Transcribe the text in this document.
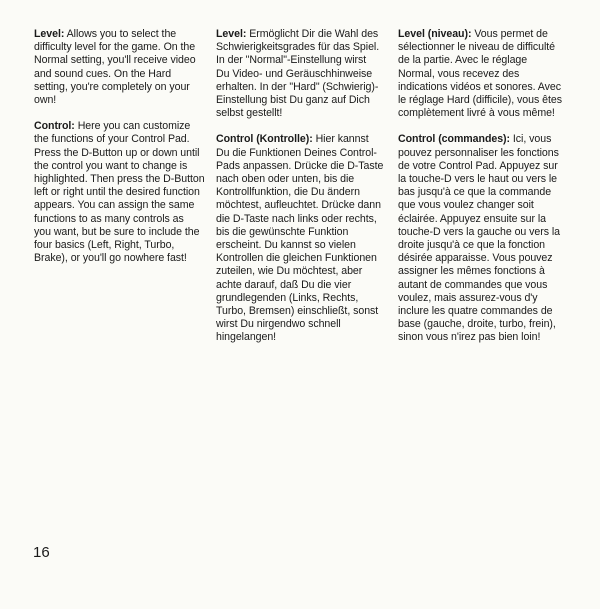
Level: Allows you to select the
difficulty level for the game. On the
Normal setting, you'll receive video
and sound cues. On the Hard
setting, you're completely on your
own!
Control: Here you can customize
the functions of your Control Pad.
Press the D-Button up or down until
the control you want to change is
highlighted. Then press the D-Button
left or right until the desired function
appears. You can assign the same
functions to as many controls as
you want, but be sure to include the
four basics (Left, Right, Turbo,
Brake), or you'll go nowhere fast!
Level: Ermöglicht Dir die Wahl des
Schwierigkeitsgrades für das Spiel.
In der "Normal"-Einstellung wirst
Du Video- und Geräuschhinweise
erhalten. In der "Hard" (Schwierig)-
Einstellung bist Du ganz auf Dich
selbst gestellt!
Control (Kontrolle): Hier kannst
Du die Funktionen Deines Control-
Pads anpassen. Drücke die D-Taste
nach oben oder unten, bis die
Kontrollfunktion, die Du ändern
möchtest, aufleuchtet. Drücke dann
die D-Taste nach links oder rechts,
bis die gewünschte Funktion
erscheint. Du kannst so vielen
Kontrollen die gleichen Funktionen
zuteilen, wie Du möchtest, aber
achte darauf, daß Du die vier
grundlegenden (Links, Rechts,
Turbo, Bremsen) einschließt, sonst
wirst Du nirgendwo schnell
hingelangen!
Level (niveau): Vous permet de
sélectionner le niveau de difficulté
de la partie. Avec le réglage
Normal, vous recevez des
indications vidéos et sonores. Avec
le réglage Hard (difficile), vous êtes
complètement livré à vous même!
Control (commandes): Ici, vous
pouvez personnaliser les fonctions
de votre Control Pad. Appuyez sur
la touche-D vers le haut ou vers le
bas jusqu'à ce que la commande
que vous voulez changer soit
éclairée. Appuyez ensuite sur la
touche-D vers la gauche ou vers la
droite jusqu'à ce que la fonction
désirée apparaisse. Vous pouvez
assigner les mêmes fonctions à
autant de commandes que vous
voulez, mais assurez-vous d'y
inclure les quatre commandes de
base (gauche, droite, turbo, frein),
sinon vous n'irez pas bien loin!
16
